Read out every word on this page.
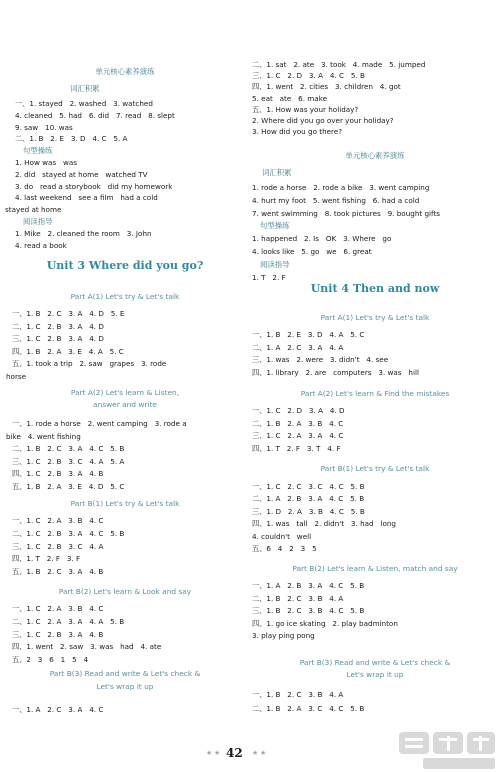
单元核心素养演练
词汇积累
一、1. stayed   2. washed   3. watched
4. cleaned   5. had   6. did   7. read   8. slept
9. saw   10. was
二、1. B   2. E   3. D   4. C   5. A
句型操练
1. How was   was
2. did   stayed at home   watched TV
3. do   read a storybook   did my homework
4. last weekend   see a film   had a cold
stayed at home
阅读指导
1. Mike   2. cleaned the room   3. John
4. read a book
Unit 3 Where did you go?
Part A(1) Let's try & Let's talk
一、1. B   2. C   3. A   4. D   5. E
二、1. C   2. B   3. A   4. D
三、1. C   2. B   3. A   4. D
四、1. B   2. A   3. E   4. A   5. C
五、1. took a trip   2. saw   grapes   3. rode
horse
Part A(2) Let's learn & Listen,
answer and write
一、1. rode a horse   2. went camping   3. rode a
bike   4. went fishing
二、1. B   2. C   3. A   4. C   5. B
三、1. C   2. B   3. C   4. A   5. A
四、1. C   2. B   3. A   4. B
五、1. B   2. A   3. E   4. D   5. C
Part B(1) Let's try & Let's talk
一、1. C   2. A   3. B   4. C
二、1. C   2. B   3. A   4. C   5. B
三、1. C   2. B   3. C   4. A
四、1. T   2. F   3. F
五、1. B   2. C   3. A   4. B
Part B(2) Let's learn & Look and say
一、1. C   2. A   3. B   4. C
二、1. C   2. A   3. A   4. A   5. B
三、1. C   2. B   3. A   4. B
四、1. went   2. saw   3. was   had   4. ate
五、2   3   6   1   5   4
Part B(3) Read and write & Let's check &
Let's wrap it up
一、1. A   2. C   3. A   4. C
二、1. sat   2. ate   3. took   4. made   5. jumped
三、1. C   2. D   3. A   4. C   5. B
四、1. went   2. cities   3. children   4. got
5. eat   ate   6. make
五、1. How was your holiday?
2. Where did you go over your holiday?
3. How did you go there?
单元核心素养演练
词汇积累
1. rode a horse   2. rode a bike   3. went camping
4. hurt my foot   5. went fishing   6. had a cold
7. went swimming   8. took pictures   9. bought gifts
句型操练
1. happened   2. Is   OK   3. Where   go
4. looks like   5. go   we   6. great
阅读指导
1. T   2. F
Unit 4 Then and now
Part A(1) Let's try & Let's talk
一、1. B   2. E   3. D   4. A   5. C
二、1. A   2. C   3. A   4. A
三、1. was   2. were   3. didn't   4. see
四、1. library   2. are   computers   3. was   hill
Part A(2) Let's learn & Find the mistakes
一、1. C   2. D   3. A   4. D
二、1. B   2. A   3. B   4. C
三、1. C   2. A   3. A   4. C
四、1. T   2. F   3. T   4. F
Part B(1) Let's try & Let's talk
一、1. C   2. C   3. C   4. C   5. B
二、1. A   2. B   3. A   4. C   5. B
三、1. D   2. A   3. B   4. C   5. B
四、1. was   tall   2. didn't   3. had   long
4. couldn't   well
五、6   4   2   3   5
Part B(2) Let's learn & Listen, match and say
一、1. A   2. B   3. A   4. C   5. B
二、1. B   2. C   3. B   4. A
三、1. B   2. C   3. B   4. C   5. B
四、1. go ice skating   2. play badminton
3. play ping pong
Part B(3) Read and write & Let's check &
Let's wrap it up
一、1. B   2. C   3. B   4. A
二、1. B   2. A   3. C   4. C   5. B
★ ★ 42 ★ ★
